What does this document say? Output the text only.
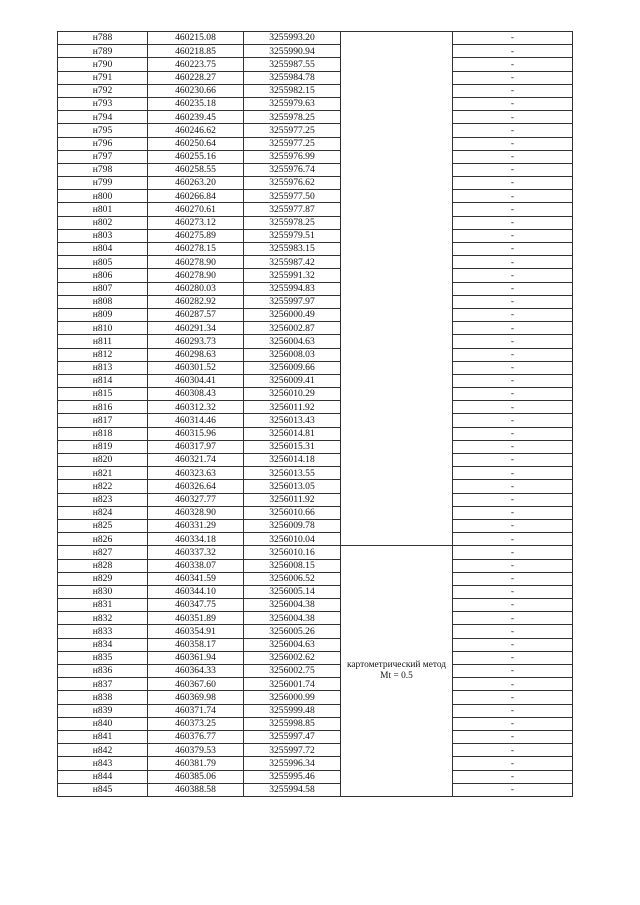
н788	460215.08	3255993.20		-
н789	460218.85	3255990.94		-
н790	460223.75	3255987.55		-
н791	460228.27	3255984.78		-
н792	460230.66	3255982.15		-
н793	460235.18	3255979.63		-
н794	460239.45	3255978.25		-
н795	460246.62	3255977.25		-
н796	460250.64	3255977.25		-
н797	460255.16	3255976.99		-
н798	460258.55	3255976.74		-
н799	460263.20	3255976.62		-
н800	460266.84	3255977.50		-
н801	460270.61	3255977.87		-
н802	460273.12	3255978.25		-
н803	460275.89	3255979.51		-
н804	460278.15	3255983.15		-
н805	460278.90	3255987.42		-
н806	460278.90	3255991.32		-
н807	460280.03	3255994.83		-
н808	460282.92	3255997.97		-
н809	460287.57	3256000.49		-
н810	460291.34	3256002.87		-
н811	460293.73	3256004.63		-
н812	460298.63	3256008.03		-
н813	460301.52	3256009.66		-
н814	460304.41	3256009.41		-
н815	460308.43	3256010.29		-
н816	460312.32	3256011.92		-
н817	460314.46	3256013.43		-
н818	460315.96	3256014.81		-
н819	460317.97	3256015.31		-
н820	460321.74	3256014.18		-
н821	460323.63	3256013.55		-
н822	460326.64	3256013.05		-
н823	460327.77	3256011.92		-
н824	460328.90	3256010.66		-
н825	460331.29	3256009.78		-
н826	460334.18	3256010.04		-
н827	460337.32	3256010.16	картометрический метод Mt = 0.5	-
н828	460338.07	3256008.15		-
н829	460341.59	3256006.52		-
н830	460344.10	3256005.14		-
н831	460347.75	3256004.38		-
н832	460351.89	3256004.38		-
н833	460354.91	3256005.26		-
н834	460358.17	3256004.63		-
н835	460361.94	3256002.62		-
н836	460364.33	3256002.75		-
н837	460367.60	3256001.74		-
н838	460369.98	3256000.99		-
н839	460371.74	3255999.48		-
н840	460373.25	3255998.85		-
н841	460376.77	3255997.47		-
н842	460379.53	3255997.72		-
н843	460381.79	3255996.34		-
н844	460385.06	3255995.46		-
н845	460388.58	3255994.58		-
